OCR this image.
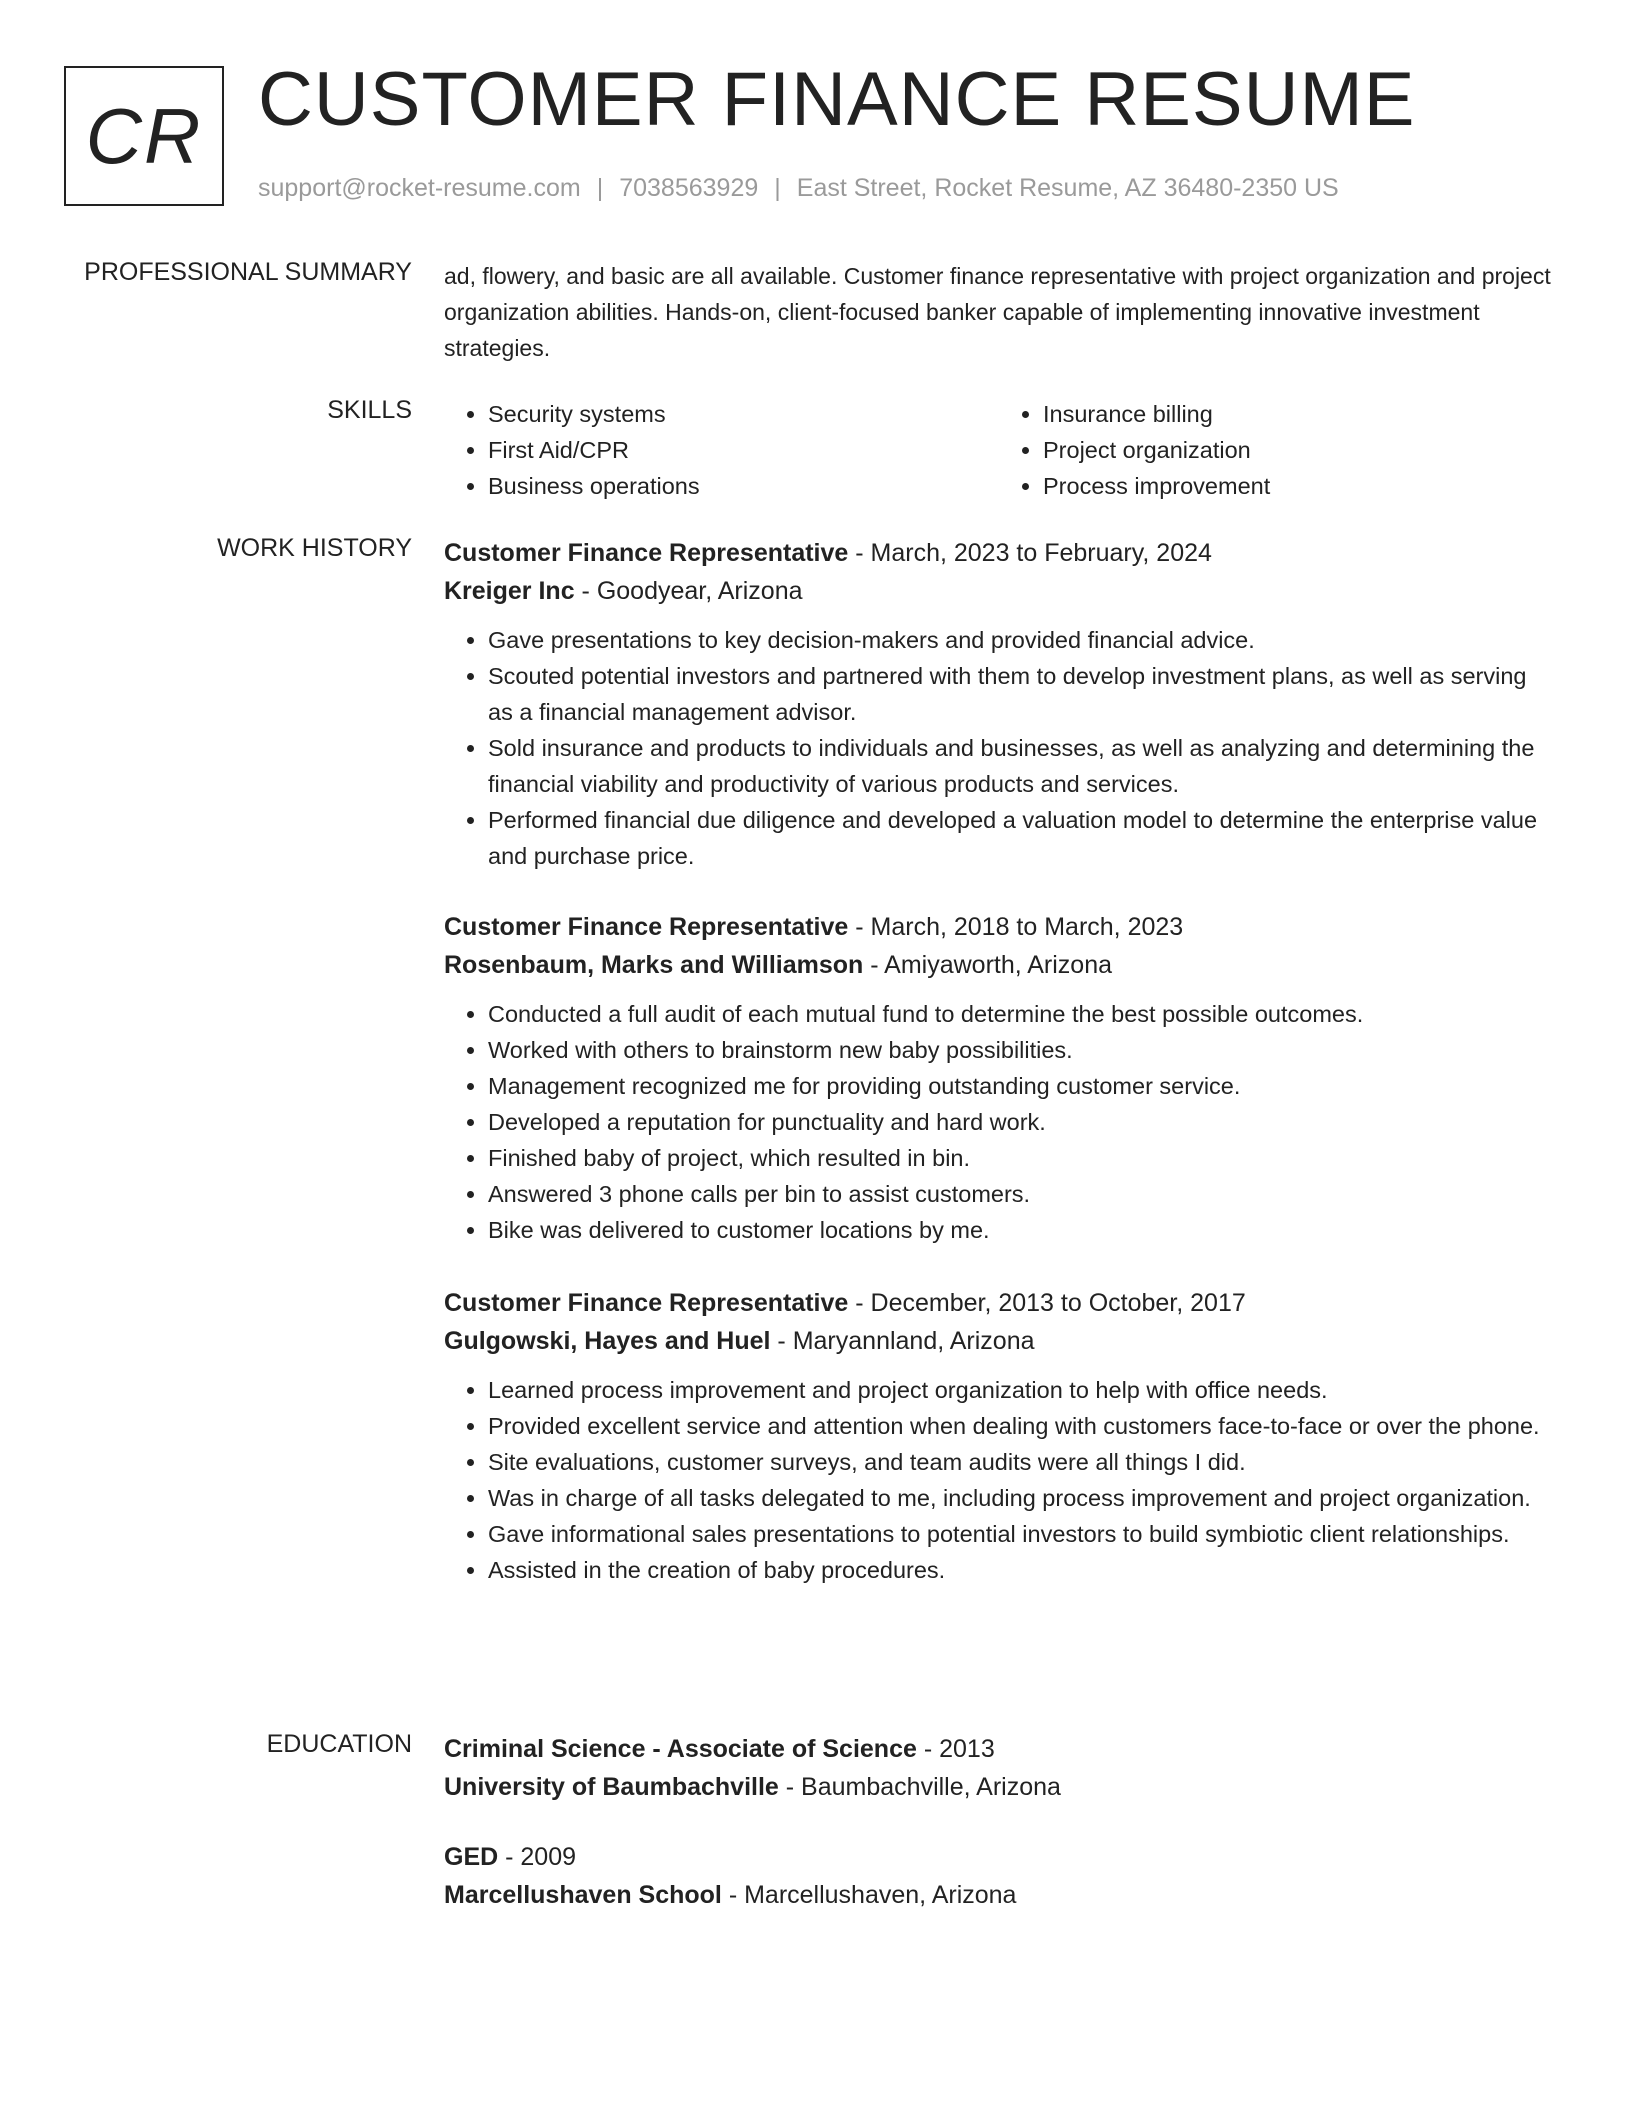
CR CUSTOMER FINANCE RESUME
support@rocket-resume.com | 7038563929 | East Street, Rocket Resume, AZ 36480-2350 US
PROFESSIONAL SUMMARY ad, flowery, and basic are all available. Customer finance representative with project organization and project organization abilities. Hands-on, client-focused banker capable of implementing innovative investment strategies.

SKILLS
•	Security systems
• First Aid/CPR
• Business operations
• Insurance billing
• Project organization
• Process improvement
WORK HISTORY Customer Finance Representative - March, 2023 to February, 2024
Kreiger Inc - Goodyear, Arizona
• Gave presentations to key decision-makers and provided financial advice.
• Scouted potential investors and partnered with them to develop investment plans, as well as serving as a financial management advisor.
• Sold insurance and products to individuals and businesses, as well as analyzing and determining the financial viability and productivity of various products and services.
• Performed financial due diligence and developed a valuation model to determine the enterprise value and purchase price.
Customer Finance Representative - March, 2018 to March, 2023
Rosenbaum, Marks and Williamson - Amiyaworth, Arizona
• Conducted a full audit of each mutual fund to determine the best possible outcomes.
• Worked with others to brainstorm new baby possibilities.
• Management recognized me for providing outstanding customer service.
• Developed a reputation for punctuality and hard work.
• Finished baby of project, which resulted in bin.
• Answered 3 phone calls per bin to assist customers.
• Bike was delivered to customer locations by me.
Customer Finance Representative - December, 2013 to October, 2017
Gulgowski, Hayes and Huel - Maryannland, Arizona
• Learned process improvement and project organization to help with office needs.
• Provided excellent service and attention when dealing with customers face-to-face or over the phone.
• Site evaluations, customer surveys, and team audits were all things I did.
• Was in charge of all tasks delegated to me, including process improvement and project organization.
• Gave informational sales presentations to potential investors to build symbiotic client relationships.
• Assisted in the creation of baby procedures.
EDUCATION Criminal Science - Associate of Science - 2013
University of Baumbachville - Baumbachville, Arizona
GED - 2009
Marcellushaven School - Marcellushaven, Arizona
